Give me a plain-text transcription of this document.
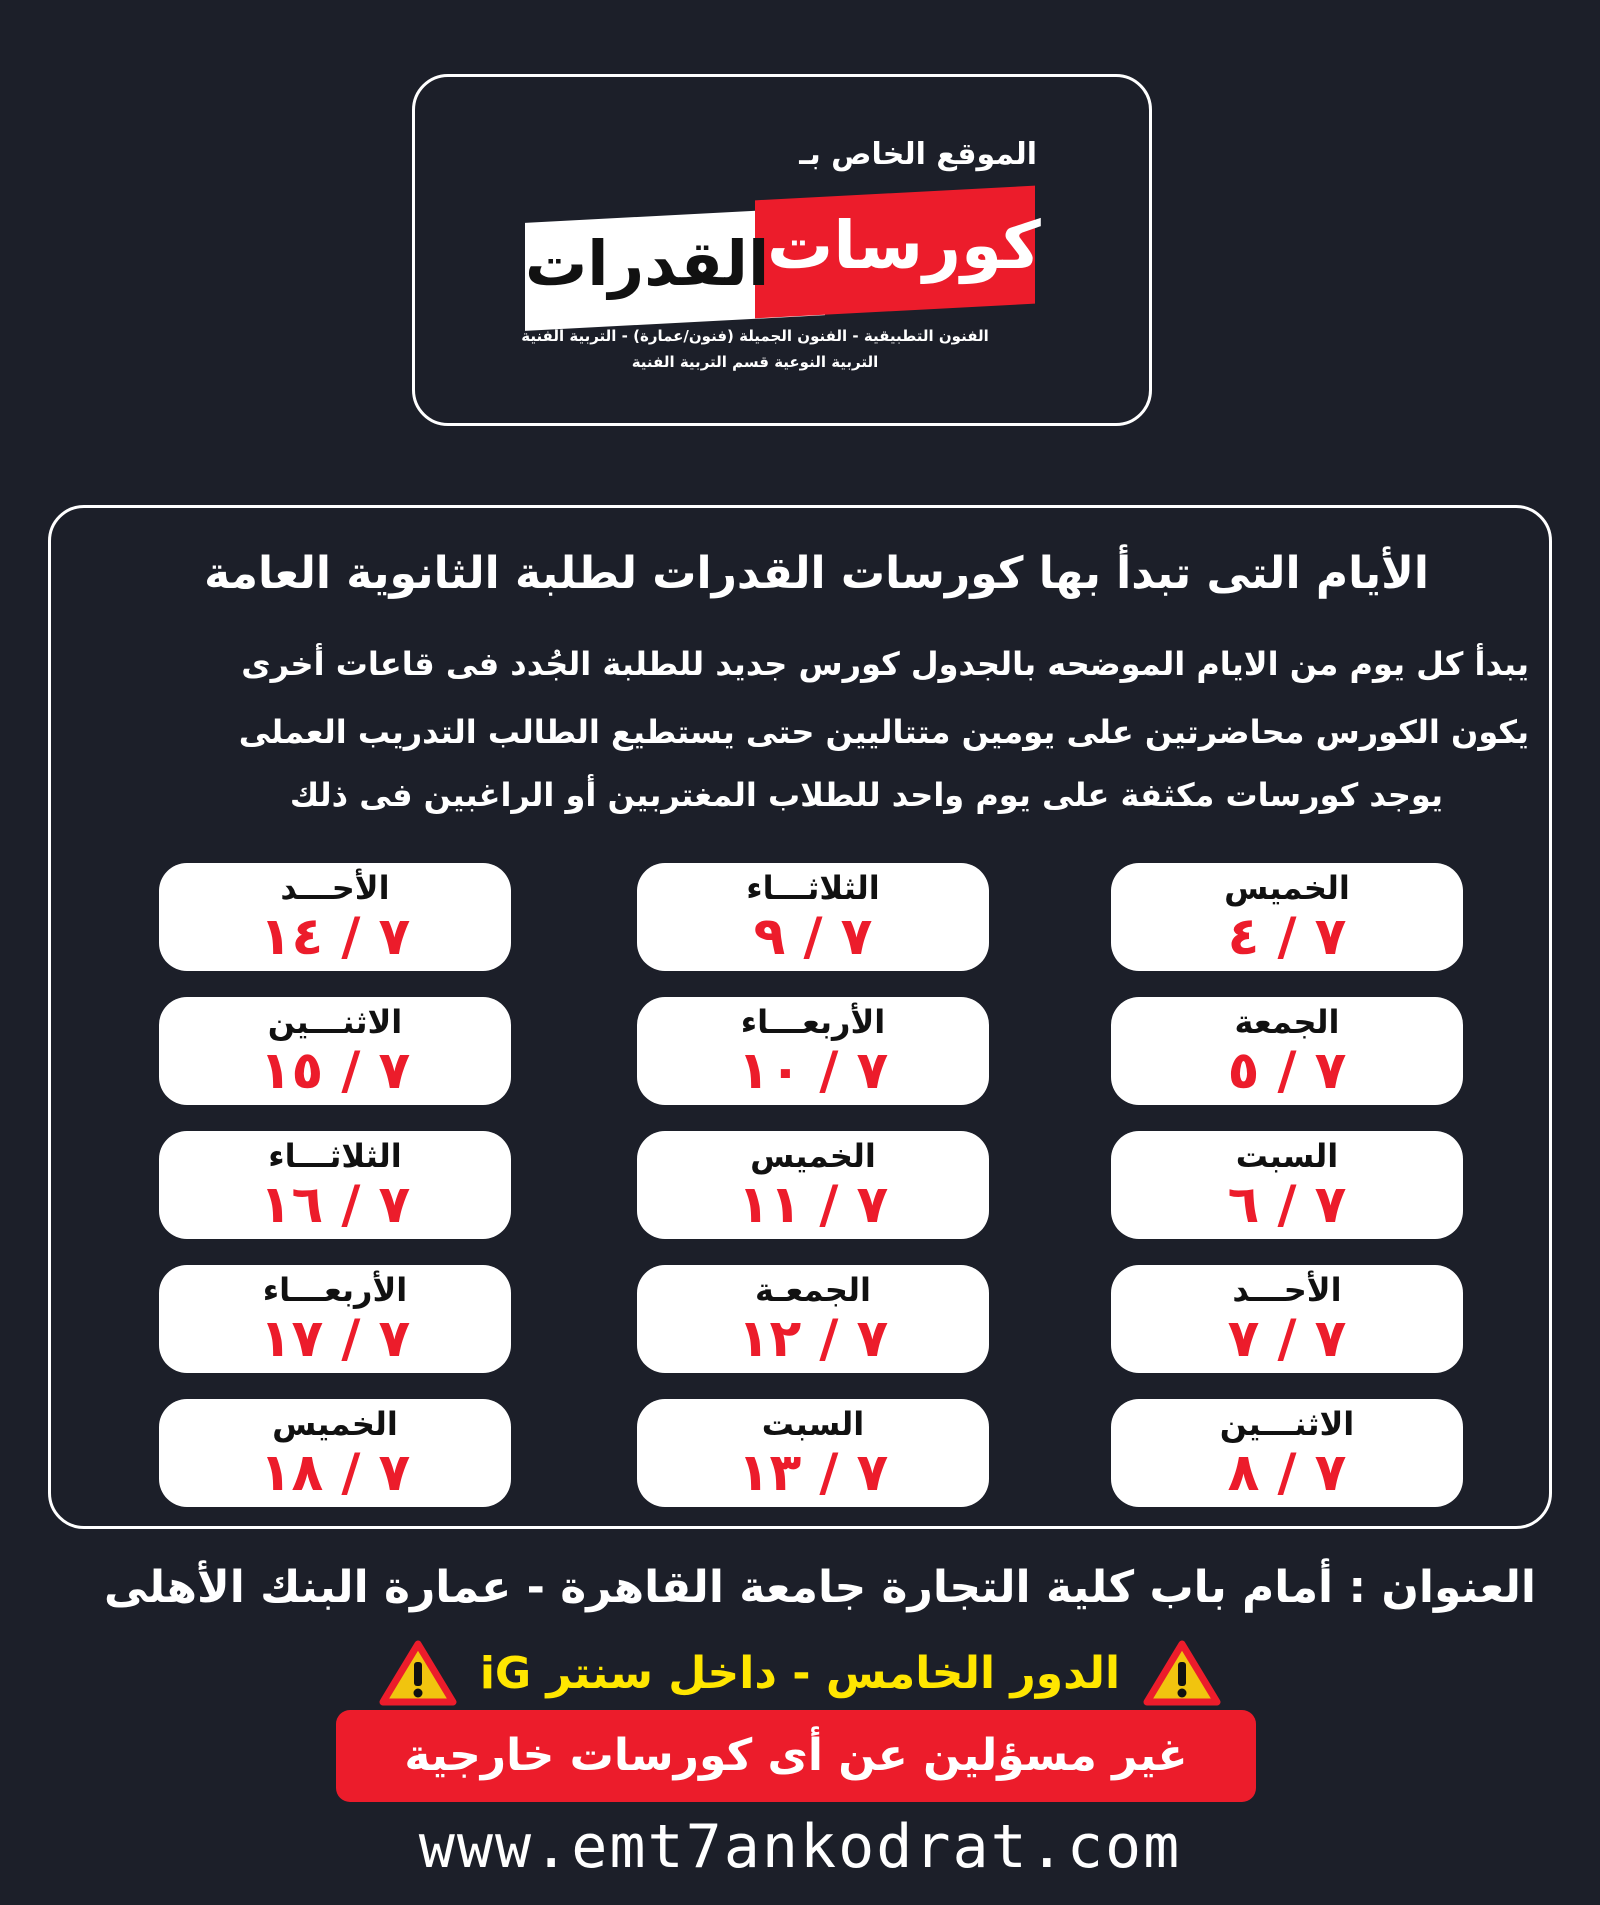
الموقع الخاص بـ
القدرات
كورسات
الفنون التطبيقية - الفنون الجميلة (فنون/عمارة) - التربية الفنية
التربية النوعية قسم التربية الفنية
الأيام التى تبدأ بها كورسات القدرات لطلبة الثانوية العامة
يبدأ كل يوم من الايام الموضحه بالجدول كورس جديد للطلبة الجُدد فى قاعات أخرى
يكون الكورس محاضرتين على يومين متتاليين حتى يستطيع الطالب التدريب العملى
يوجد كورسات مكثفة على يوم واحد للطلاب المغتربين أو الراغبين فى ذلك
الخميس
٧ / ٤
الجمعة
٧ / ٥
السبت
٧ / ٦
الأحـــد
٧ / ٧
الاثنـــين
٧ / ٨
الثلاثـــاء
٧ / ٩
الأربعـــاء
٧ / ١٠
الخميس
٧ / ١١
الجمعـة
٧ / ١٢
السبت
٧ / ١٣
الأحـــد
٧ / ١٤
الاثنـــين
٧ / ١٥
الثلاثـــاء
٧ / ١٦
الأربعـــاء
٧ / ١٧
الخميس
٧ / ١٨
العنوان : أمام باب كلية التجارة جامعة القاهرة - عمارة البنك الأهلى
الدور الخامس - داخل سنتر iG
غير مسؤلين عن أى كورسات خارجية
www.emt7ankodrat.com
